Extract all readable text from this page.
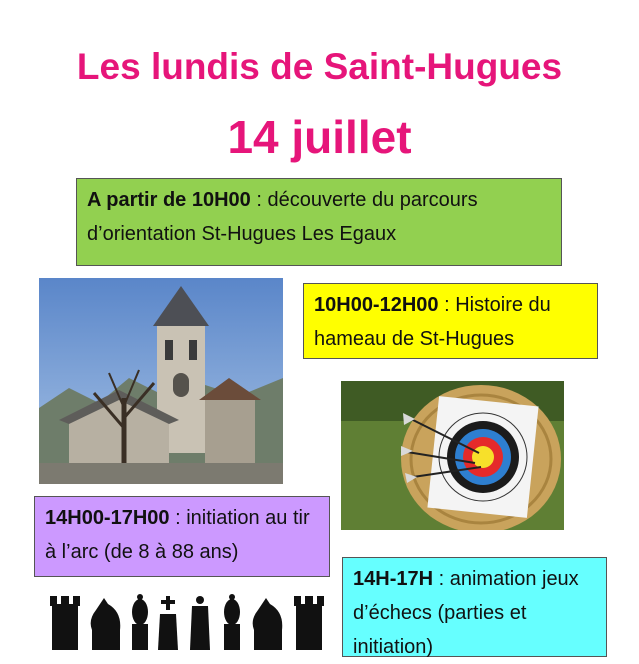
Les lundis de Saint-Hugues
14 juillet
A partir de 10H00 : découverte du parcours d’orientation St-Hugues Les Egaux
10H00-12H00 : Histoire du hameau de St-Hugues
14H00-17H00 : initiation au tir à l’arc (de 8 à 88 ans)
14H-17H : animation jeux d’échecs (parties et initiation)
